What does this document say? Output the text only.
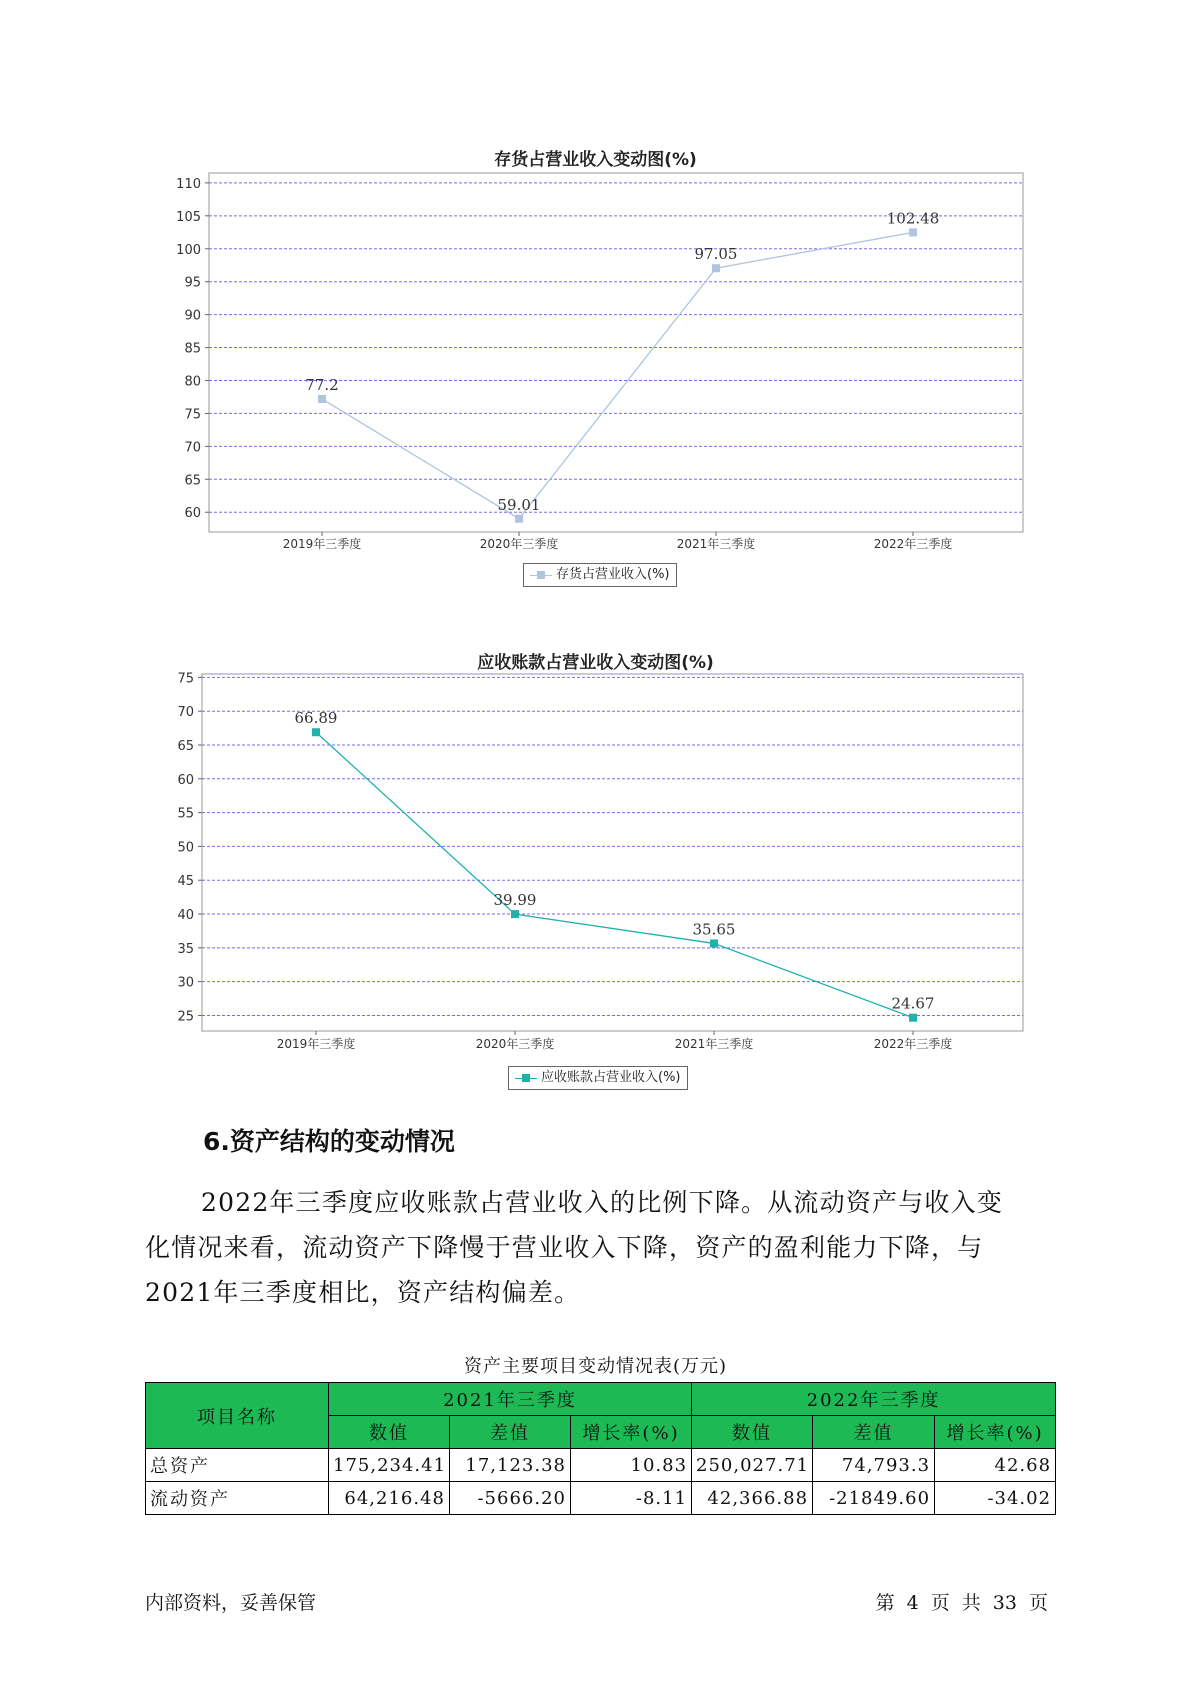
存货占营业收入变动图(%)
60
65
70
75
80
85
90
95
100
105
110
2019年三季度	2020年三季度	2021年三季度	2022年三季度
77.2
59.01
97.05
102.48
存货占营业收入(%)
应收账款占营业收入变动图(%)
25
30
35
40
45
50
55
60
65
70
75
2019年三季度	2020年三季度	2021年三季度	2022年三季度
66.89
39.99
35.65
24.67
应收账款占营业收入(%)
6.资产结构的变动情况
2022年三季度应收账款占营业收入的比例下降。从流动资产与收入变
化情况来看，流动资产下降慢于营业收入下降，资产的盈利能力下降，与
2021年三季度相比，资产结构偏差。
资产主要项目变动情况表(万元)
项目名称	2021年三季度			2022年三季度		
	数值	差值	增长率(%)	数值	差值	增长率(%)
总资产	175,234.41	17,123.38	10.83	250,027.71	74,793.3	42.68
流动资产	64,216.48	-5666.20	-8.11	42,366.88	-21849.60	-34.02
内部资料，妥善保管	第 4 页 共 33 页
